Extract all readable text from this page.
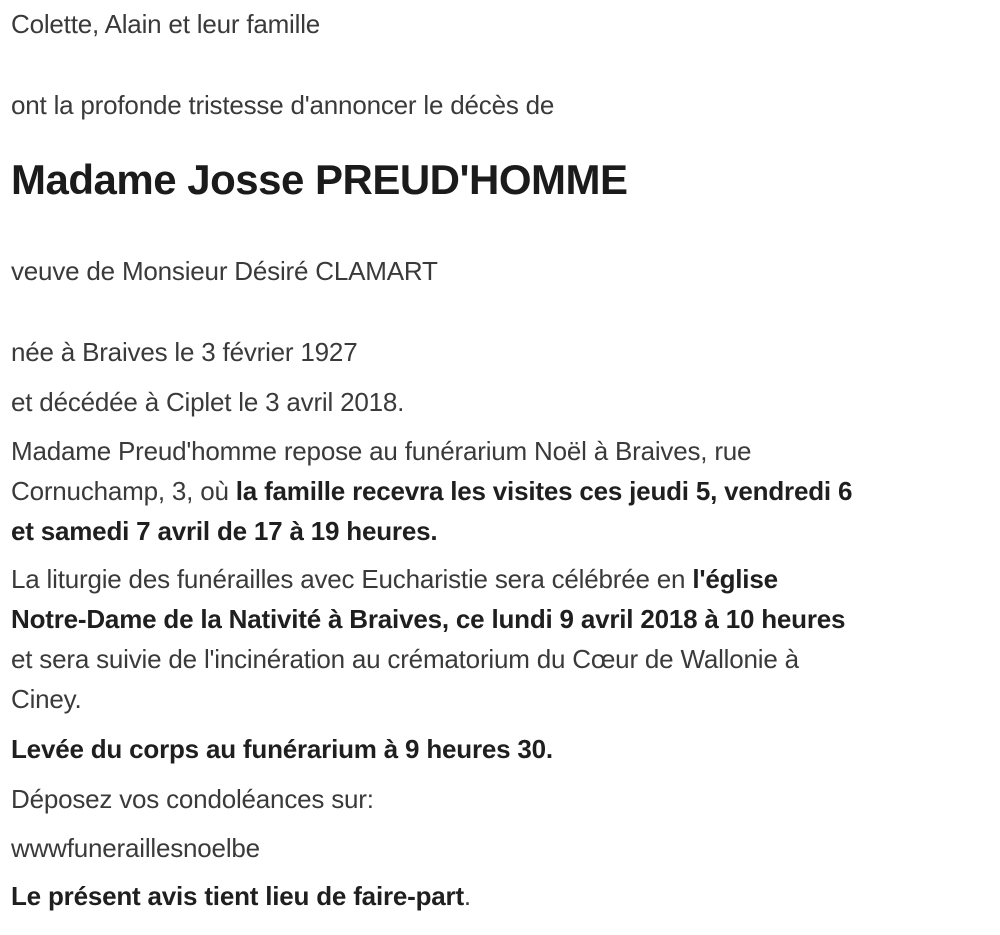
Colette, Alain et leur famille
ont la profonde tristesse d'annoncer le décès de
Madame Josse PREUD'HOMME
veuve de Monsieur Désiré CLAMART
née à Braives le 3 février 1927
et décédée à Ciplet le 3 avril 2018.
Madame Preud'homme repose au funérarium Noël à Braives, rue
Cornuchamp, 3, où la famille recevra les visites ces jeudi 5, vendredi 6
et samedi 7 avril de 17 à 19 heures.
La liturgie des funérailles avec Eucharistie sera célébrée en l'église
Notre-Dame de la Nativité à Braives, ce lundi 9 avril 2018 à 10 heures
et sera suivie de l'incinération au crématorium du Cœur de Wallonie à
Ciney.
Levée du corps au funérarium à 9 heures 30.
Déposez vos condoléances sur:
wwwfuneraillesnoelbe
Le présent avis tient lieu de faire-part.
